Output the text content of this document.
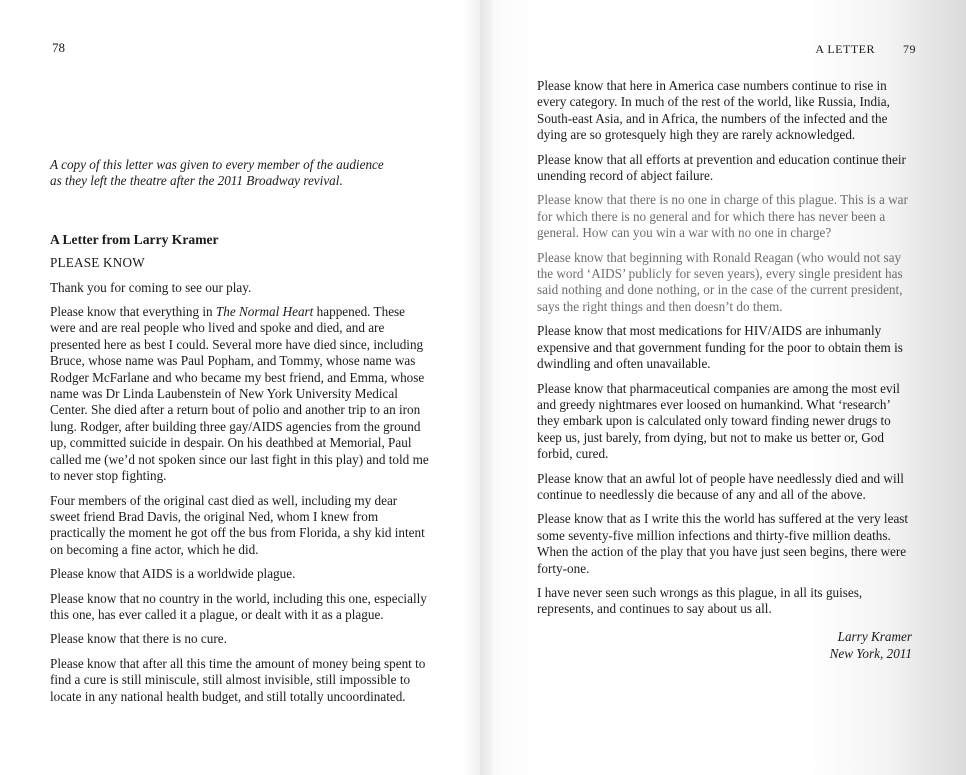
78
A copy of this letter was given to every member of the audience
as they left the theatre after the 2011 Broadway revival.
A Letter from Larry Kramer
PLEASE KNOW

Thank you for coming to see our play.

Please know that everything in The Normal Heart happened. These were and are real people who lived and spoke and died, and are presented here as best I could. Several more have died since, including Bruce, whose name was Paul Popham, and Tommy, whose name was Rodger McFarlane and who became my best friend, and Emma, whose name was Dr Linda Laubenstein of New York University Medical Center. She died after a return bout of polio and another trip to an iron lung. Rodger, after building three gay/AIDS agencies from the ground up, committed suicide in despair. On his deathbed at Memorial, Paul called me (we’d not spoken since our last fight in this play) and told me to never stop fighting.

Four members of the original cast died as well, including my dear sweet friend Brad Davis, the original Ned, whom I knew from practically the moment he got off the bus from Florida, a shy kid intent on becoming a fine actor, which he did.

Please know that AIDS is a worldwide plague.

Please know that no country in the world, including this one, especially this one, has ever called it a plague, or dealt with it as a plague.

Please know that there is no cure.

Please know that after all this time the amount of money being spent to find a cure is still miniscule, still almost invisible, still impossible to locate in any national health budget, and still totally uncoordinated.

A LETTER 79

Please know that here in America case numbers continue to rise in every category. In much of the rest of the world, like Russia, India, South-east Asia, and in Africa, the numbers of the infected and the dying are so grotesquely high they are rarely acknowledged.

Please know that all efforts at prevention and education continue their unending record of abject failure.

Please know that there is no one in charge of this plague. This is a war for which there is no general and for which there has never been a general. How can you win a war with no one in charge?

Please know that beginning with Ronald Reagan (who would not say the word ‘AIDS’ publicly for seven years), every single president has said nothing and done nothing, or in the case of the current president, says the right things and then doesn’t do them.

Please know that most medications for HIV/AIDS are inhumanly expensive and that government funding for the poor to obtain them is dwindling and often unavailable.

Please know that pharmaceutical companies are among the most evil and greedy nightmares ever loosed on humankind. What ‘research’ they embark upon is calculated only toward finding newer drugs to keep us, just barely, from dying, but not to make us better or, God forbid, cured.

Please know that an awful lot of people have needlessly died and will continue to needlessly die because of any and all of the above.

Please know that as I write this the world has suffered at the very least some seventy-five million infections and thirty-five million deaths. When the action of the play that you have just seen begins, there were forty-one.

I have never seen such wrongs as this plague, in all its guises, represents, and continues to say about us all.

Larry Kramer
New York, 2011
